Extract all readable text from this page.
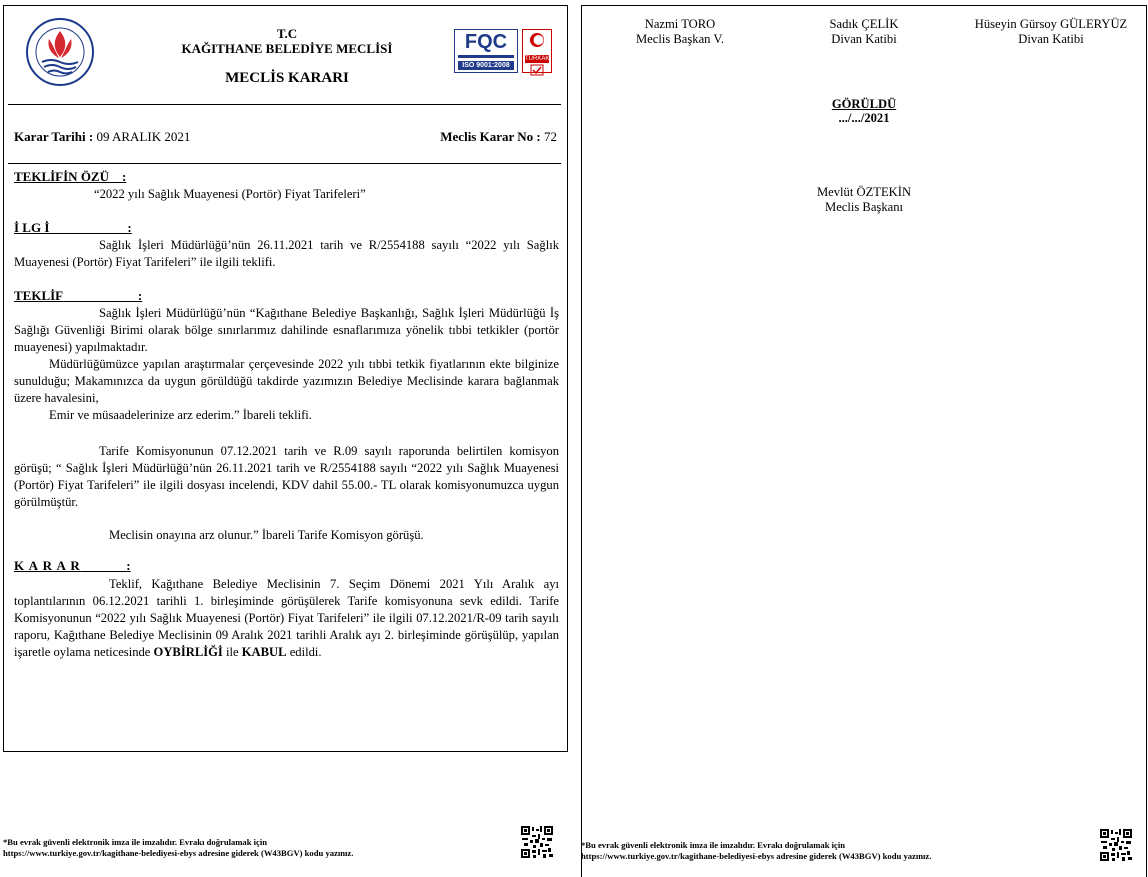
T.C
KAĞITHANE BELEDİYE MECLİSİ
MECLİS KARARI
FQC
ISO 9001:2008
TÜRKAK
Karar Tarihi : 09 ARALIK 2021	Meclis Karar No : 72
TEKLİFİN ÖZÜ :

“2022 yılı Sağlık Muayenesi (Portör) Fiyat Tarifeleri”

İ LG İ	:

Sağlık İşleri Müdürlüğü’nün 26.11.2021 tarih ve R/2554188 sayılı “2022 yılı Sağlık Muayenesi (Portör) Fiyat Tarifeleri” ile ilgili teklifi.

TEKLİF	:

Sağlık İşleri Müdürlüğü’nün “Kağıthane Belediye Başkanlığı, Sağlık İşleri Müdürlüğü İş Sağlığı Güvenliği Birimi olarak bölge sınırlarımız dahilinde esnaflarımıza yönelik tıbbi tetkikler (portör muayenesi) yapılmaktadır.

Müdürlüğümüzce yapılan araştırmalar çerçevesinde 2022 yılı tıbbi tetkik fiyatlarının ekte bilginize sunulduğu; Makamınızca da uygun görüldüğü takdirde yazımızın Belediye Meclisinde karara bağlanmak üzere havalesini,

Emir ve müsaadelerinize arz ederim.” İbareli teklifi.

Tarife Komisyonunun 07.12.2021 tarih ve R.09 sayılı raporunda belirtilen komisyon görüşü; “ Sağlık İşleri Müdürlüğü’nün 26.11.2021 tarih ve R/2554188 sayılı “2022 yılı Sağlık Muayenesi (Portör) Fiyat Tarifeleri” ile ilgili dosyası incelendi, KDV dahil 55.00.- TL olarak komisyonumuzca uygun görülmüştür.

Meclisin onayına arz olunur.” İbareli Tarife Komisyon görüşü.

K A R A R	:

Teklif, Kağıthane Belediye Meclisinin 7. Seçim Dönemi 2021 Yılı Aralık ayı toplantılarının 06.12.2021 tarihli 1. birleşiminde görüşülerek Tarife komisyonuna sevk edildi. Tarife Komisyonunun “2022 yılı Sağlık Muayenesi (Portör) Fiyat Tarifeleri” ile ilgili 07.12.2021/R-09 tarih sayılı raporu, Kağıthane Belediye Meclisinin 09 Aralık 2021 tarihli Aralık ayı 2. birleşiminde görüşülüp, yapılan işaretle oylama neticesinde OYBİRLİĞİ ile KABUL edildi.

*Bu evrak güvenli elektronik imza ile imzalıdır. Evrakı doğrulamak için
https://www.turkiye.gov.tr/kagithane-belediyesi-ebys adresine giderek (W43BGV) kodu yazınız.
Nazmi TORO
Meclis Başkan V.
Sadık ÇELİK
Divan Katibi
Hüseyin Gürsoy GÜLERYÜZ
Divan Katibi
GÖRÜLDÜ
.../.../2021
Mevlüt ÖZTEKİN
Meclis Başkanı
*Bu evrak güvenli elektronik imza ile imzalıdır. Evrakı doğrulamak için
https://www.turkiye.gov.tr/kagithane-belediyesi-ebys adresine giderek (W43BGV) kodu yazınız.
